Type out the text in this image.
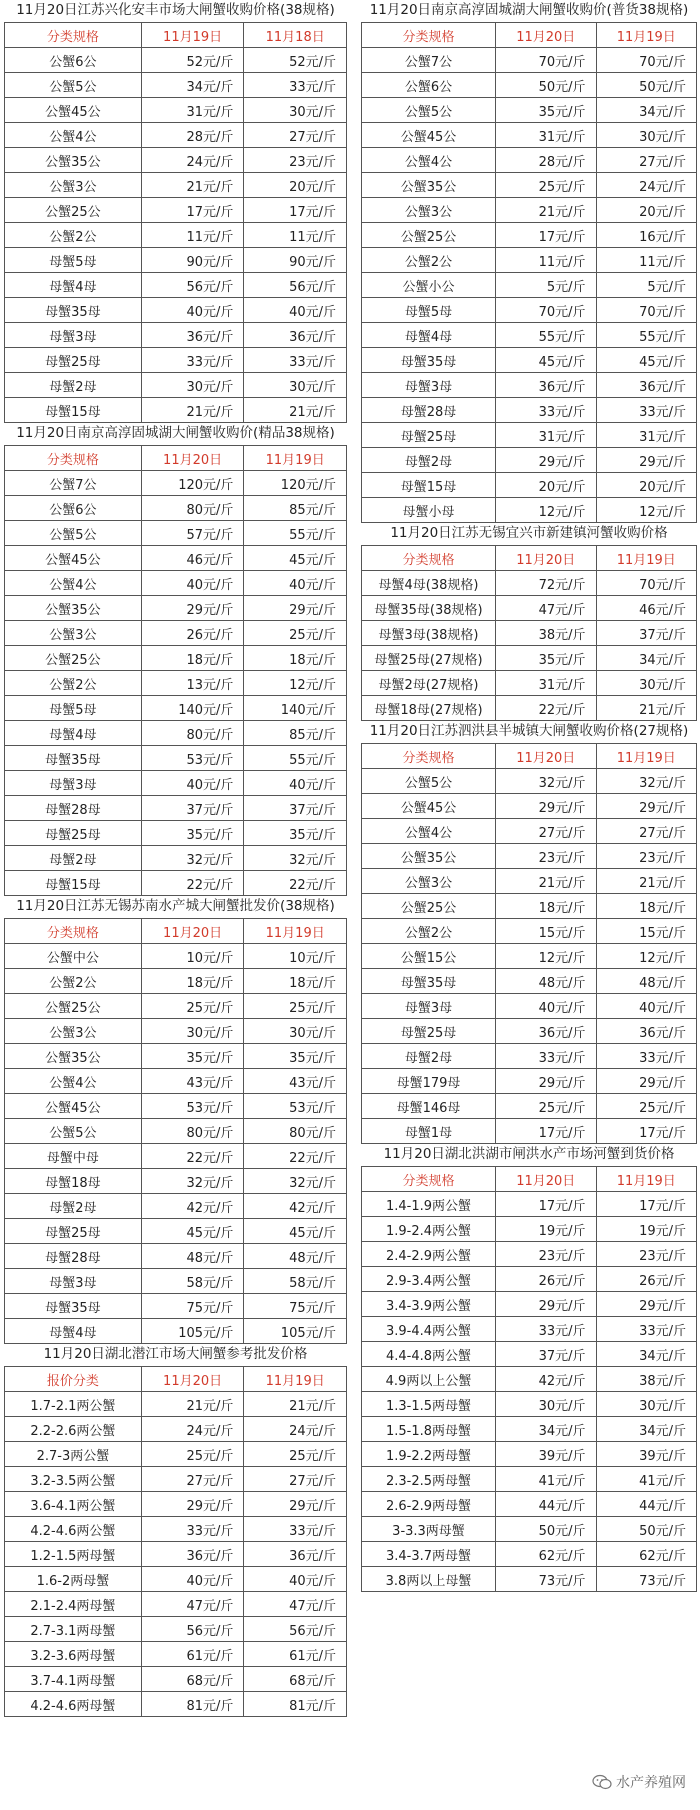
11月20日江苏兴化安丰市场大闸蟹收购价格(38规格)
分类规格	11月19日	11月18日
公蟹6公	52元/斤	52元/斤
公蟹5公	34元/斤	33元/斤
公蟹45公	31元/斤	30元/斤
公蟹4公	28元/斤	27元/斤
公蟹35公	24元/斤	23元/斤
公蟹3公	21元/斤	20元/斤
公蟹25公	17元/斤	17元/斤
公蟹2公	11元/斤	11元/斤
母蟹5母	90元/斤	90元/斤
母蟹4母	56元/斤	56元/斤
母蟹35母	40元/斤	40元/斤
母蟹3母	36元/斤	36元/斤
母蟹25母	33元/斤	33元/斤
母蟹2母	30元/斤	30元/斤
母蟹15母	21元/斤	21元/斤
11月20日南京高淳固城湖大闸蟹收购价(精品38规格)
分类规格	11月20日	11月19日
公蟹7公	120元/斤	120元/斤
公蟹6公	80元/斤	85元/斤
公蟹5公	57元/斤	55元/斤
公蟹45公	46元/斤	45元/斤
公蟹4公	40元/斤	40元/斤
公蟹35公	29元/斤	29元/斤
公蟹3公	26元/斤	25元/斤
公蟹25公	18元/斤	18元/斤
公蟹2公	13元/斤	12元/斤
母蟹5母	140元/斤	140元/斤
母蟹4母	80元/斤	85元/斤
母蟹35母	53元/斤	55元/斤
母蟹3母	40元/斤	40元/斤
母蟹28母	37元/斤	37元/斤
母蟹25母	35元/斤	35元/斤
母蟹2母	32元/斤	32元/斤
母蟹15母	22元/斤	22元/斤
11月20日江苏无锡苏南水产城大闸蟹批发价(38规格)
分类规格	11月20日	11月19日
公蟹中公	10元/斤	10元/斤
公蟹2公	18元/斤	18元/斤
公蟹25公	25元/斤	25元/斤
公蟹3公	30元/斤	30元/斤
公蟹35公	35元/斤	35元/斤
公蟹4公	43元/斤	43元/斤
公蟹45公	53元/斤	53元/斤
公蟹5公	80元/斤	80元/斤
母蟹中母	22元/斤	22元/斤
母蟹18母	32元/斤	32元/斤
母蟹2母	42元/斤	42元/斤
母蟹25母	45元/斤	45元/斤
母蟹28母	48元/斤	48元/斤
母蟹3母	58元/斤	58元/斤
母蟹35母	75元/斤	75元/斤
母蟹4母	105元/斤	105元/斤
11月20日湖北潜江市场大闸蟹参考批发价格
报价分类	11月20日	11月19日
1.7-2.1两公蟹	21元/斤	21元/斤
2.2-2.6两公蟹	24元/斤	24元/斤
2.7-3两公蟹	25元/斤	25元/斤
3.2-3.5两公蟹	27元/斤	27元/斤
3.6-4.1两公蟹	29元/斤	29元/斤
4.2-4.6两公蟹	33元/斤	33元/斤
1.2-1.5两母蟹	36元/斤	36元/斤
1.6-2两母蟹	40元/斤	40元/斤
2.1-2.4两母蟹	47元/斤	47元/斤
2.7-3.1两母蟹	56元/斤	56元/斤
3.2-3.6两母蟹	61元/斤	61元/斤
3.7-4.1两母蟹	68元/斤	68元/斤
4.2-4.6两母蟹	81元/斤	81元/斤
11月20日南京高淳固城湖大闸蟹收购价(普货38规格)
分类规格	11月20日	11月19日
公蟹7公	70元/斤	70元/斤
公蟹6公	50元/斤	50元/斤
公蟹5公	35元/斤	34元/斤
公蟹45公	31元/斤	30元/斤
公蟹4公	28元/斤	27元/斤
公蟹35公	25元/斤	24元/斤
公蟹3公	21元/斤	20元/斤
公蟹25公	17元/斤	16元/斤
公蟹2公	11元/斤	11元/斤
公蟹小公	5元/斤	5元/斤
母蟹5母	70元/斤	70元/斤
母蟹4母	55元/斤	55元/斤
母蟹35母	45元/斤	45元/斤
母蟹3母	36元/斤	36元/斤
母蟹28母	33元/斤	33元/斤
母蟹25母	31元/斤	31元/斤
母蟹2母	29元/斤	29元/斤
母蟹15母	20元/斤	20元/斤
母蟹小母	12元/斤	12元/斤
11月20日江苏无锡宜兴市新建镇河蟹收购价格
分类规格	11月20日	11月19日
母蟹4母(38规格)	72元/斤	70元/斤
母蟹35母(38规格)	47元/斤	46元/斤
母蟹3母(38规格)	38元/斤	37元/斤
母蟹25母(27规格)	35元/斤	34元/斤
母蟹2母(27规格)	31元/斤	30元/斤
母蟹18母(27规格)	22元/斤	21元/斤
11月20日江苏泗洪县半城镇大闸蟹收购价格(27规格)
分类规格	11月20日	11月19日
公蟹5公	32元/斤	32元/斤
公蟹45公	29元/斤	29元/斤
公蟹4公	27元/斤	27元/斤
公蟹35公	23元/斤	23元/斤
公蟹3公	21元/斤	21元/斤
公蟹25公	18元/斤	18元/斤
公蟹2公	15元/斤	15元/斤
公蟹15公	12元/斤	12元/斤
母蟹35母	48元/斤	48元/斤
母蟹3母	40元/斤	40元/斤
母蟹25母	36元/斤	36元/斤
母蟹2母	33元/斤	33元/斤
母蟹179母	29元/斤	29元/斤
母蟹146母	25元/斤	25元/斤
母蟹1母	17元/斤	17元/斤
11月20日湖北洪湖市闸洪水产市场河蟹到货价格
分类规格	11月20日	11月19日
1.4-1.9两公蟹	17元/斤	17元/斤
1.9-2.4两公蟹	19元/斤	19元/斤
2.4-2.9两公蟹	23元/斤	23元/斤
2.9-3.4两公蟹	26元/斤	26元/斤
3.4-3.9两公蟹	29元/斤	29元/斤
3.9-4.4两公蟹	33元/斤	33元/斤
4.4-4.8两公蟹	37元/斤	34元/斤
4.9两以上公蟹	42元/斤	38元/斤
1.3-1.5两母蟹	30元/斤	30元/斤
1.5-1.8两母蟹	34元/斤	34元/斤
1.9-2.2两母蟹	39元/斤	39元/斤
2.3-2.5两母蟹	41元/斤	41元/斤
2.6-2.9两母蟹	44元/斤	44元/斤
3-3.3两母蟹	50元/斤	50元/斤
3.4-3.7两母蟹	62元/斤	62元/斤
3.8两以上母蟹	73元/斤	73元/斤
水产养殖网
